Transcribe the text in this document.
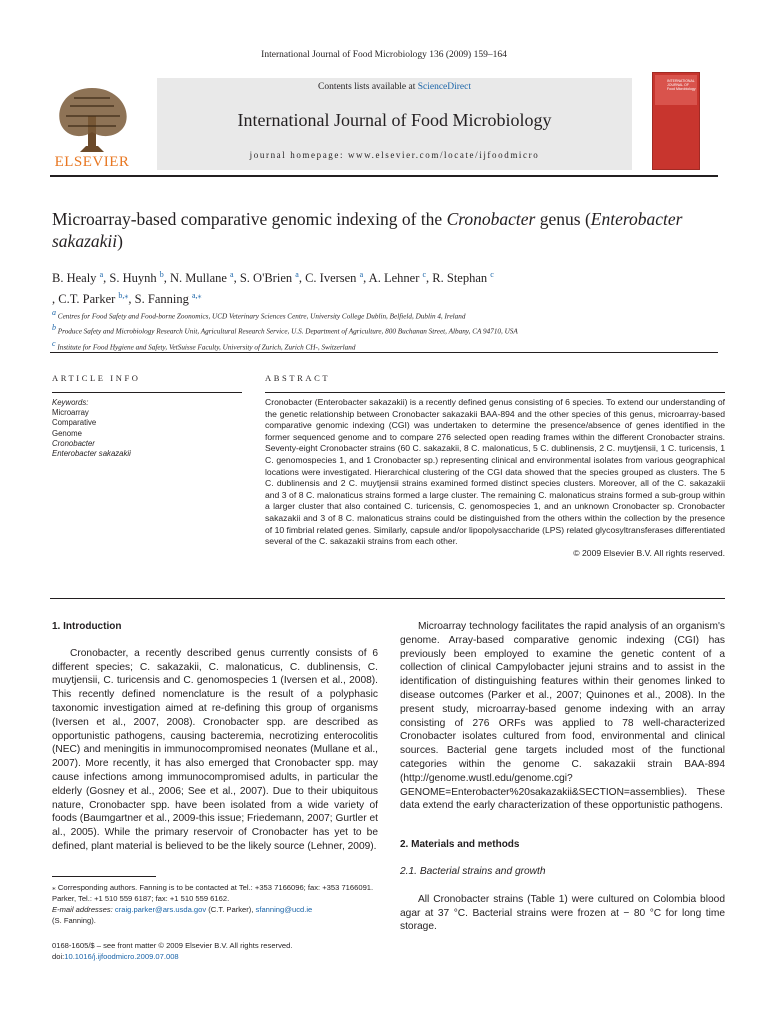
International Journal of Food Microbiology 136 (2009) 159–164
ELSEVIER
Contents lists available at ScienceDirect
International Journal of Food Microbiology
journal homepage: www.elsevier.com/locate/ijfoodmicro
INTERNATIONAL JOURNAL OF Food Microbiology
Microarray-based comparative genomic indexing of the Cronobacter genus (Enterobacter sakazakii)
B. Healy $^a$, S. Huynh $^b$, N. Mullane $^a$, S. O'Brien $^a$, C. Iversen $^a$, A. Lehner $^c$, R. Stephan $^c$
, C.T. Parker $^{b,⁎}$, S. Fanning $^{a,⁎}$
$^a$ Centres for Food Safety and Food-borne Zoonomics, UCD Veterinary Sciences Centre, University College Dublin, Belfield, Dublin 4, Ireland
$^b$ Produce Safety and Microbiology Research Unit, Agricultural Research Service, U.S. Department of Agriculture, 800 Buchanan Street, Albany, CA 94710, USA
$^c$ Institute for Food Hygiene and Safety, VetSuisse Faculty, University of Zurich, Zurich CH-, Switzerland
ARTICLE INFO	ABSTRACT
Keywords:
Microarray
Comparative
Genome
Cronobacter
Enterobacter sakazakii
Cronobacter (Enterobacter sakazakii) is a recently defined genus consisting of 6 species. To extend our understanding of the genetic relationship between Cronobacter sakazakii BAA-894 and the other species of this genus, microarray-based comparative genomic indexing (CGI) was undertaken to determine the presence/absence of genes identified in the former sequenced genome and to compare 276 selected open reading frames within the different Cronobacter strains. Seventy-eight Cronobacter strains (60 C. sakazakii, 8 C. malonaticus, 5 C. dublinensis, 2 C. muytjensii, 1 C. turicensis, 1 C. genomospecies 1, and 1 Cronobacter sp.) representing clinical and environmental isolates from various geographical locations were investigated. Hierarchical clustering of the CGI data showed that the species grouped as clusters. The 5 C. dublinensis and 2 C. muytjensii strains examined formed distinct species clusters. Moreover, all of the C. sakazakii and 3 of 8 C. malonaticus strains formed a large cluster. The remaining C. malonaticus strains formed a sub-group within a larger cluster that also contained C. turicensis, C. genomospecies 1, and an unknown Cronobacter sp. Cronobacter sakazakii and 3 of 8 C. malonaticus strains could be distinguished from the others within the collection by the presence of 10 fimbrial related genes. Similarly, capsule and/or lipopolysaccharide (LPS) related glycosyltransferases differentiated several of the C. sakazakii strains from each other.
© 2009 Elsevier B.V. All rights reserved.
1. Introduction

Cronobacter, a recently described genus currently consists of 6 different species; C. sakazakii, C. malonaticus, C. dublinensis, C. muytjensii, C. turicensis and C. genomospecies 1 (Iversen et al., 2008). This recently defined nomenclature is the result of a polyphasic taxonomic investigation aimed at re-defining this group of organisms (Iversen et al., 2007, 2008). Cronobacter spp. are described as opportunistic pathogens, causing bacteremia, necrotizing enterocolitis (NEC) and meningitis in immunocompromised neonates (Mullane et al., 2007). More recently, it has also emerged that Cronobacter spp. may cause infections among immunocompromised adults, in particular the elderly (Gosney et al., 2006; See et al., 2007). Due to their ubiquitous nature, Cronobacter spp. have been isolated from a wide variety of foods (Baumgartner et al., 2009-this issue; Friedemann, 2007; Gurtler et al., 2005). While the primary reservoir of Cronobacter has yet to be defined, plant material is believed to be the likely source (Lehner, 2009).

Microarray technology facilitates the rapid analysis of an organism's genome. Array-based comparative genomic indexing (CGI) has previously been employed to examine the genetic content of a collection of clinical Campylobacter jejuni strains and to assist in the identification of distinguishing features within their genomes linked to disease outcomes (Parker et al., 2007; Quinones et al., 2008). In the present study, microarray-based genome indexing with an array consisting of 276 ORFs was applied to 78 well-characterized Cronobacter isolates cultured from food, environmental and clinical sources. Bacterial gene targets included most of the functional categories within the genome C. sakazakii strain BAA-894 (http://genome.wustl.edu/genome.cgi?GENOME=Enterobacter%20sakazakii&SECTION=assemblies). These data extend the early characterization of these opportunistic pathogens.

2. Materials and methods
2.1. Bacterial strains and growth

All Cronobacter strains (Table 1) were cultured on Colombia blood agar at 37 °C. Bacterial strains were frozen at − 80 °C for long time storage.

⁎ Corresponding authors. Fanning is to be contacted at Tel.: +353 7166096; fax: +353 7166091. Parker, Tel.: +1 510 559 6187; fax: +1 510 559 6162.
E-mail addresses: craig.parker@ars.usda.gov (C.T. Parker), sfanning@ucd.ie
(S. Fanning).
0168-1605/$ – see front matter © 2009 Elsevier B.V. All rights reserved.
doi:10.1016/j.ijfoodmicro.2009.07.008
